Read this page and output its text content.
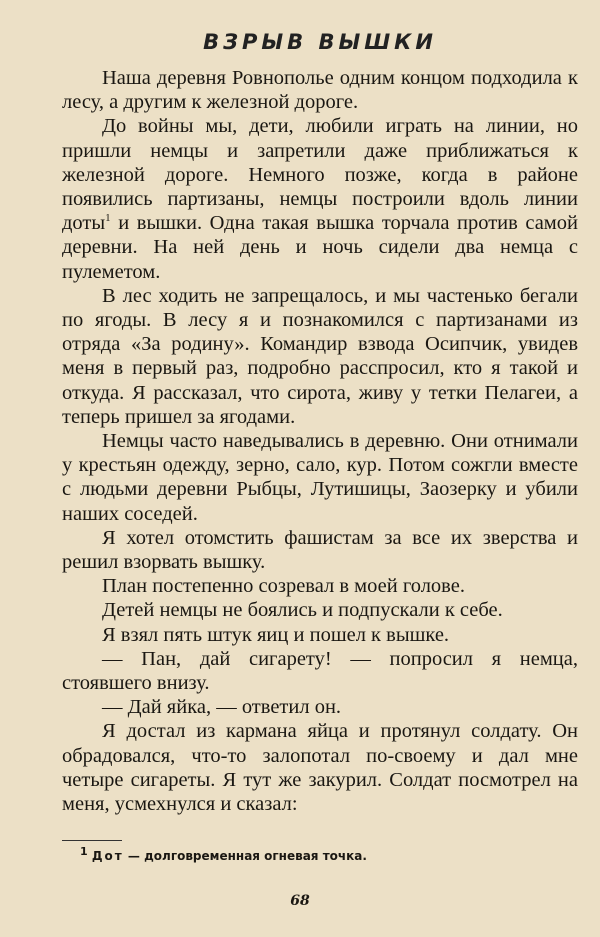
ВЗРЫВ ВЫШКИ

Наша деревня Ровнополье одним концом подходила к лесу, а другим к железной дороге.

До войны мы, дети, любили играть на линии, но пришли немцы и запретили даже приближаться к железной дороге. Немного позже, когда в районе появились партизаны, немцы построили вдоль линии доты$^1$ и вышки. Одна такая вышка торчала против самой деревни. На ней день и ночь сидели два немца с пулеметом.

В лес ходить не запрещалось, и мы частенько бегали по ягоды. В лесу я и познакомился с партизанами из отряда «За родину». Командир взвода Осипчик, увидев меня в первый раз, подробно расспросил, кто я такой и откуда. Я рассказал, что сирота, живу у тетки Пелагеи, а теперь пришел за ягодами.

Немцы часто наведывались в деревню. Они отнимали у крестьян одежду, зерно, сало, кур. Потом сожгли вместе с людьми деревни Рыбцы, Лутишицы, Заозерку и убили наших соседей.

Я хотел отомстить фашистам за все их зверства и решил взорвать вышку.

План постепенно созревал в моей голове.

Детей немцы не боялись и подпускали к себе.

Я взял пять штук яиц и пошел к вышке.

— Пан, дай сигарету! — попросил я немца, стоявшего внизу.

— Дай яйка, — ответил он.

Я достал из кармана яйца и протянул солдату. Он обрадовался, что-то залопотал по-своему и дал мне четыре сигареты. Я тут же закурил. Солдат посмотрел на меня, усмехнулся и сказал:

$^1$ Дот — долговременная огневая точка.
68
